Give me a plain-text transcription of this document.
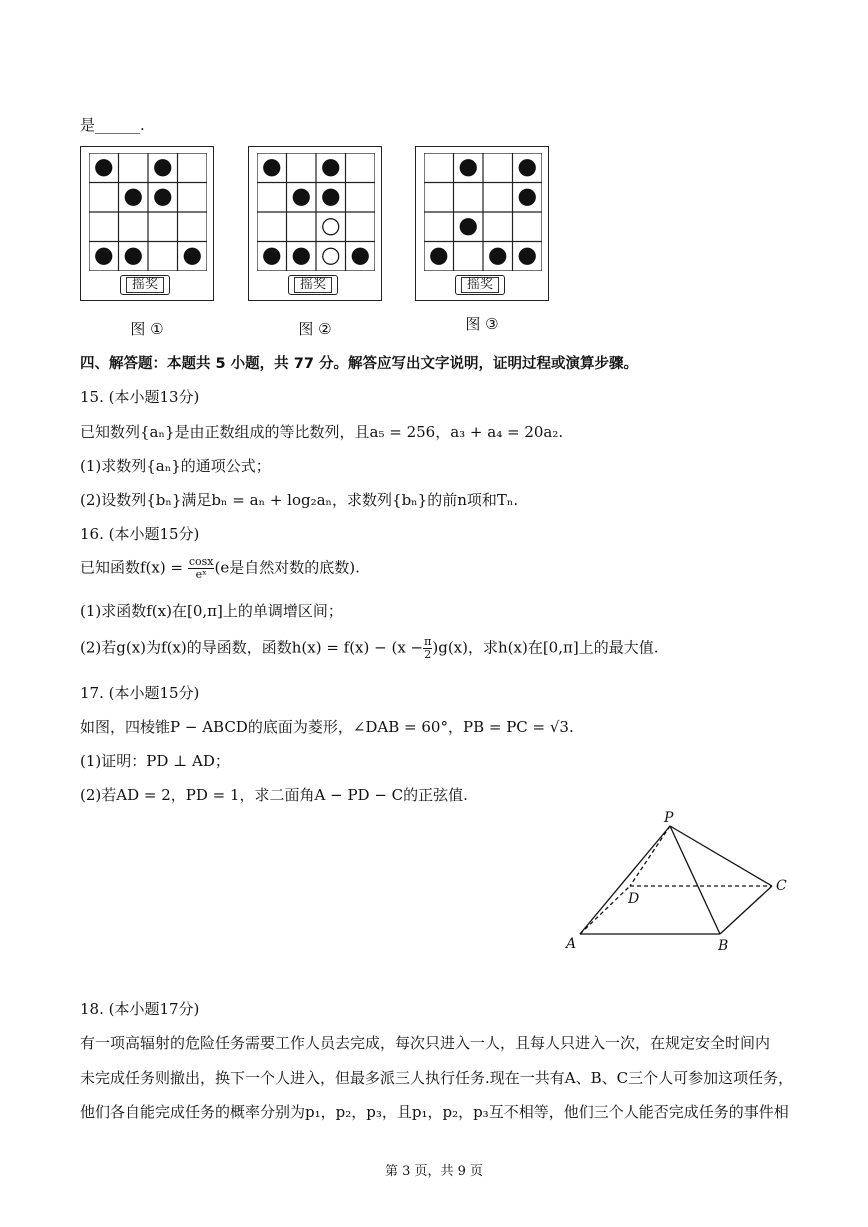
是______.
摇奖
图 ①
摇奖
图 ②
摇奖
图 ③
四、解答题：本题共 5 小题，共 77 分。解答应写出文字说明，证明过程或演算步骤。
15. (本小题13分)
已知数列{aₙ}是由正数组成的等比数列，且a₅ = 256，a₃ + a₄ = 20a₂.
(1)求数列{aₙ}的通项公式；
(2)设数列{bₙ}满足bₙ = aₙ + log₂aₙ，求数列{bₙ}的前n项和Tₙ.
16. (本小题15分)
已知函数$f(x) = \frac{\cos x}{\text{eˣ}} (e$是自然对数的底数).
(1)求函数f(x)在[0,π]上的单调增区间；
(2)若g(x)为f(x)的导函数，函数$h(x) = f(x) - (x - \frac{\pi}{2} )g(x)$，求h(x)在[0,π]上的最大值.
17. (本小题15分)
如图，四棱锥P − ABCD的底面为菱形，∠DAB = 60°，PB = PC = √3.
(1)证明：PD ⊥ AD；
(2)若AD = 2，PD = 1，求二面角A − PD − C的正弦值.
P
A	B
C
D
18. (本小题17分)
有一项高辐射的危险任务需要工作人员去完成，每次只进入一人，且每人只进入一次，在规定安全时间内
未完成任务则撤出，换下一个人进入，但最多派三人执行任务.现在一共有A、B、C三个人可参加这项任务，
他们各自能完成任务的概率分别为p₁，p₂，p₃，且p₁，p₂，p₃互不相等，他们三个人能否完成任务的事件相
第 3 页，共 9 页
